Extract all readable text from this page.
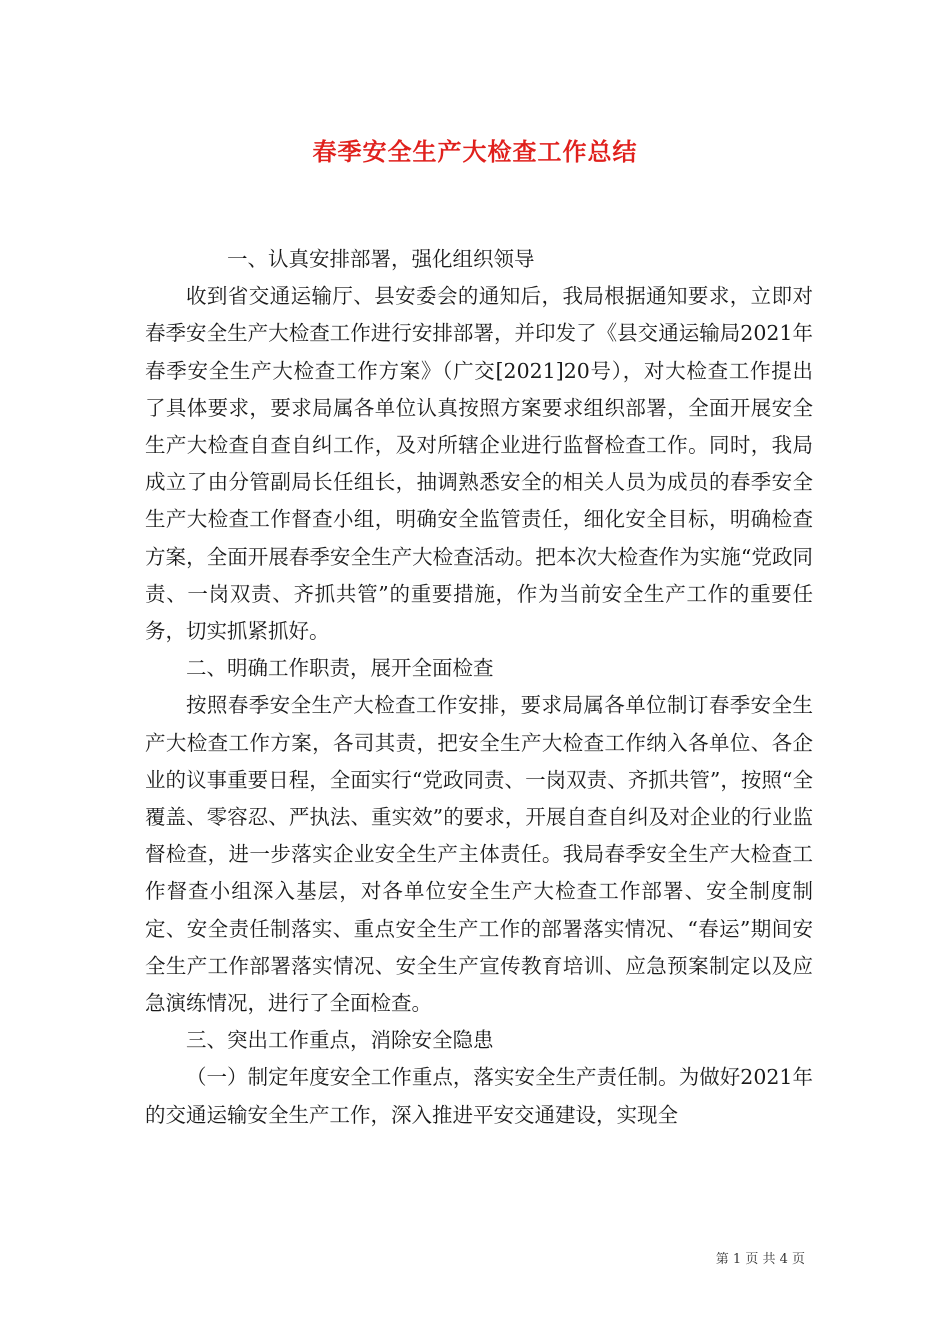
春季安全生产大检查工作总结

一、认真安排部署，强化组织领导

收到省交通运输厅、县安委会的通知后，我局根据通知要求，立即对春季安全生产大检查工作进行安排部署，并印发了《县交通运输局2021年春季安全生产大检查工作方案》（广交[2021]20号），对大检查工作提出了具体要求，要求局属各单位认真按照方案要求组织部署，全面开展安全生产大检查自查自纠工作，及对所辖企业进行监督检查工作。同时，我局成立了由分管副局长任组长，抽调熟悉安全的相关人员为成员的春季安全生产大检查工作督查小组，明确安全监管责任，细化安全目标，明确检查方案，全面开展春季安全生产大检查活动。把本次大检查作为实施“党政同责、一岗双责、齐抓共管”的重要措施，作为当前安全生产工作的重要任务，切实抓紧抓好。

二、明确工作职责，展开全面检查

按照春季安全生产大检查工作安排，要求局属各单位制订春季安全生产大检查工作方案，各司其责，把安全生产大检查工作纳入各单位、各企业的议事重要日程，全面实行“党政同责、一岗双责、齐抓共管”，按照“全覆盖、零容忍、严执法、重实效”的要求，开展自查自纠及对企业的行业监督检查，进一步落实企业安全生产主体责任。我局春季安全生产大检查工作督查小组深入基层，对各单位安全生产大检查工作部署、安全制度制定、安全责任制落实、重点安全生产工作的部署落实情况、“春运”期间安全生产工作部署落实情况、安全生产宣传教育培训、应急预案制定以及应急演练情况，进行了全面检查。

三、突出工作重点，消除安全隐患

（一）制定年度安全工作重点，落实安全生产责任制。为做好2021年的交通运输安全生产工作，深入推进平安交通建设，实现全

第 1 页 共 4 页
